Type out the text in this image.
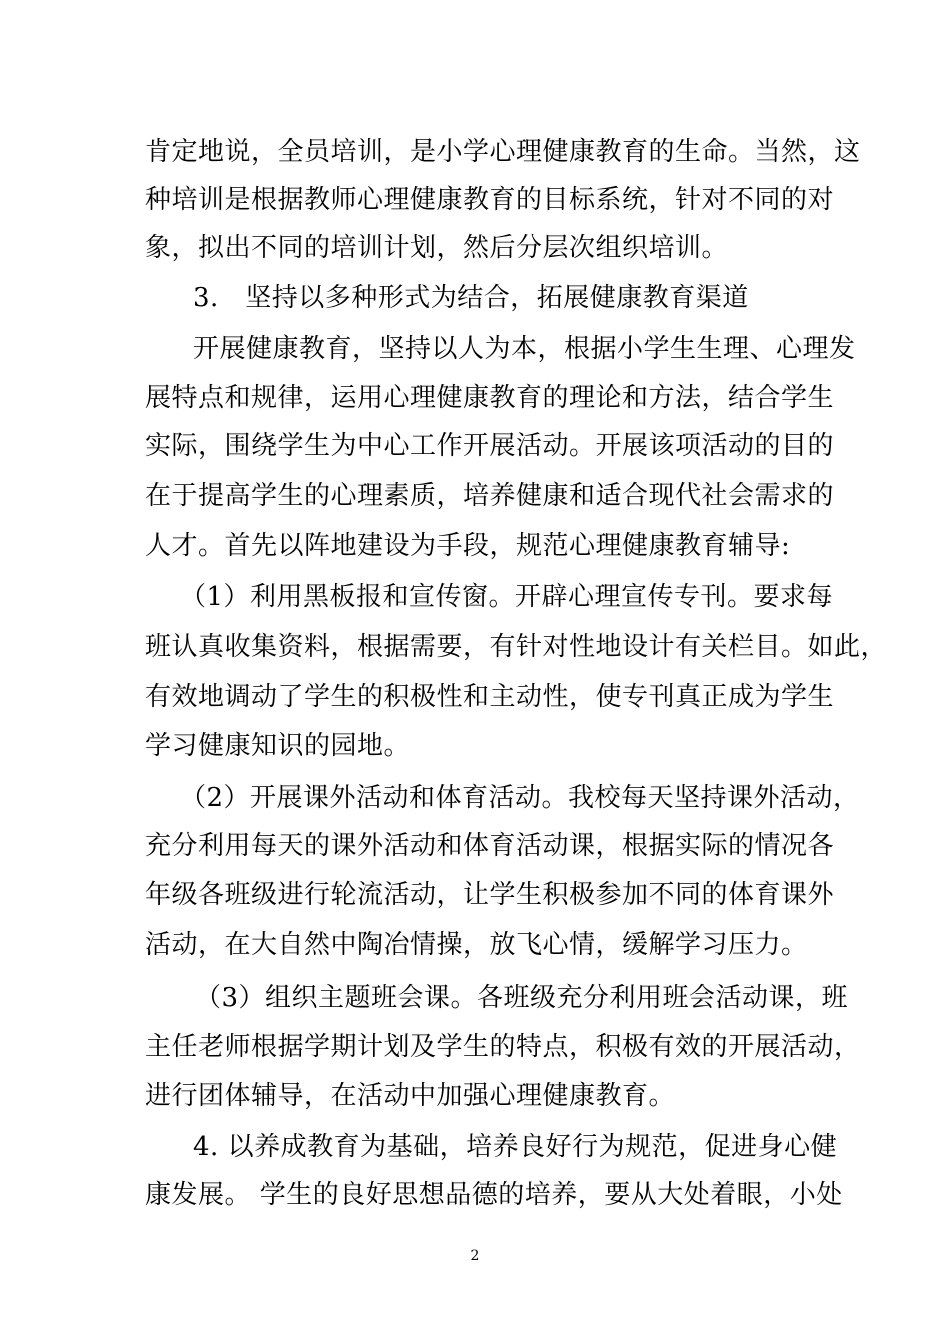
肯定地说，全员培训，是小学心理健康教育的生命。当然，这
种培训是根据教师心理健康教育的目标系统，针对不同的对
象，拟出不同的培训计划，然后分层次组织培训。
3.　坚持以多种形式为结合，拓展健康教育渠道
开展健康教育，坚持以人为本，根据小学生生理、心理发
展特点和规律，运用心理健康教育的理论和方法，结合学生
实际，围绕学生为中心工作开展活动。开展该项活动的目的
在于提高学生的心理素质，培养健康和适合现代社会需求的
人才。首先以阵地建设为手段，规范心理健康教育辅导:
（1）利用黑板报和宣传窗。开辟心理宣传专刊。要求每
班认真收集资料，根据需要，有针对性地设计有关栏目。如此，
有效地调动了学生的积极性和主动性，使专刊真正成为学生
学习健康知识的园地。
（2）开展课外活动和体育活动。我校每天坚持课外活动，
充分利用每天的课外活动和体育活动课，根据实际的情况各
年级各班级进行轮流活动，让学生积极参加不同的体育课外
活动，在大自然中陶冶情操，放飞心情，缓解学习压力。
（3）组织主题班会课。各班级充分利用班会活动课，班
主任老师根据学期计划及学生的特点，积极有效的开展活动，
进行团体辅导，在活动中加强心理健康教育。
4. 以养成教育为基础，培养良好行为规范，促进身心健
康发展。 学生的良好思想品德的培养，要从大处着眼，小处
2
